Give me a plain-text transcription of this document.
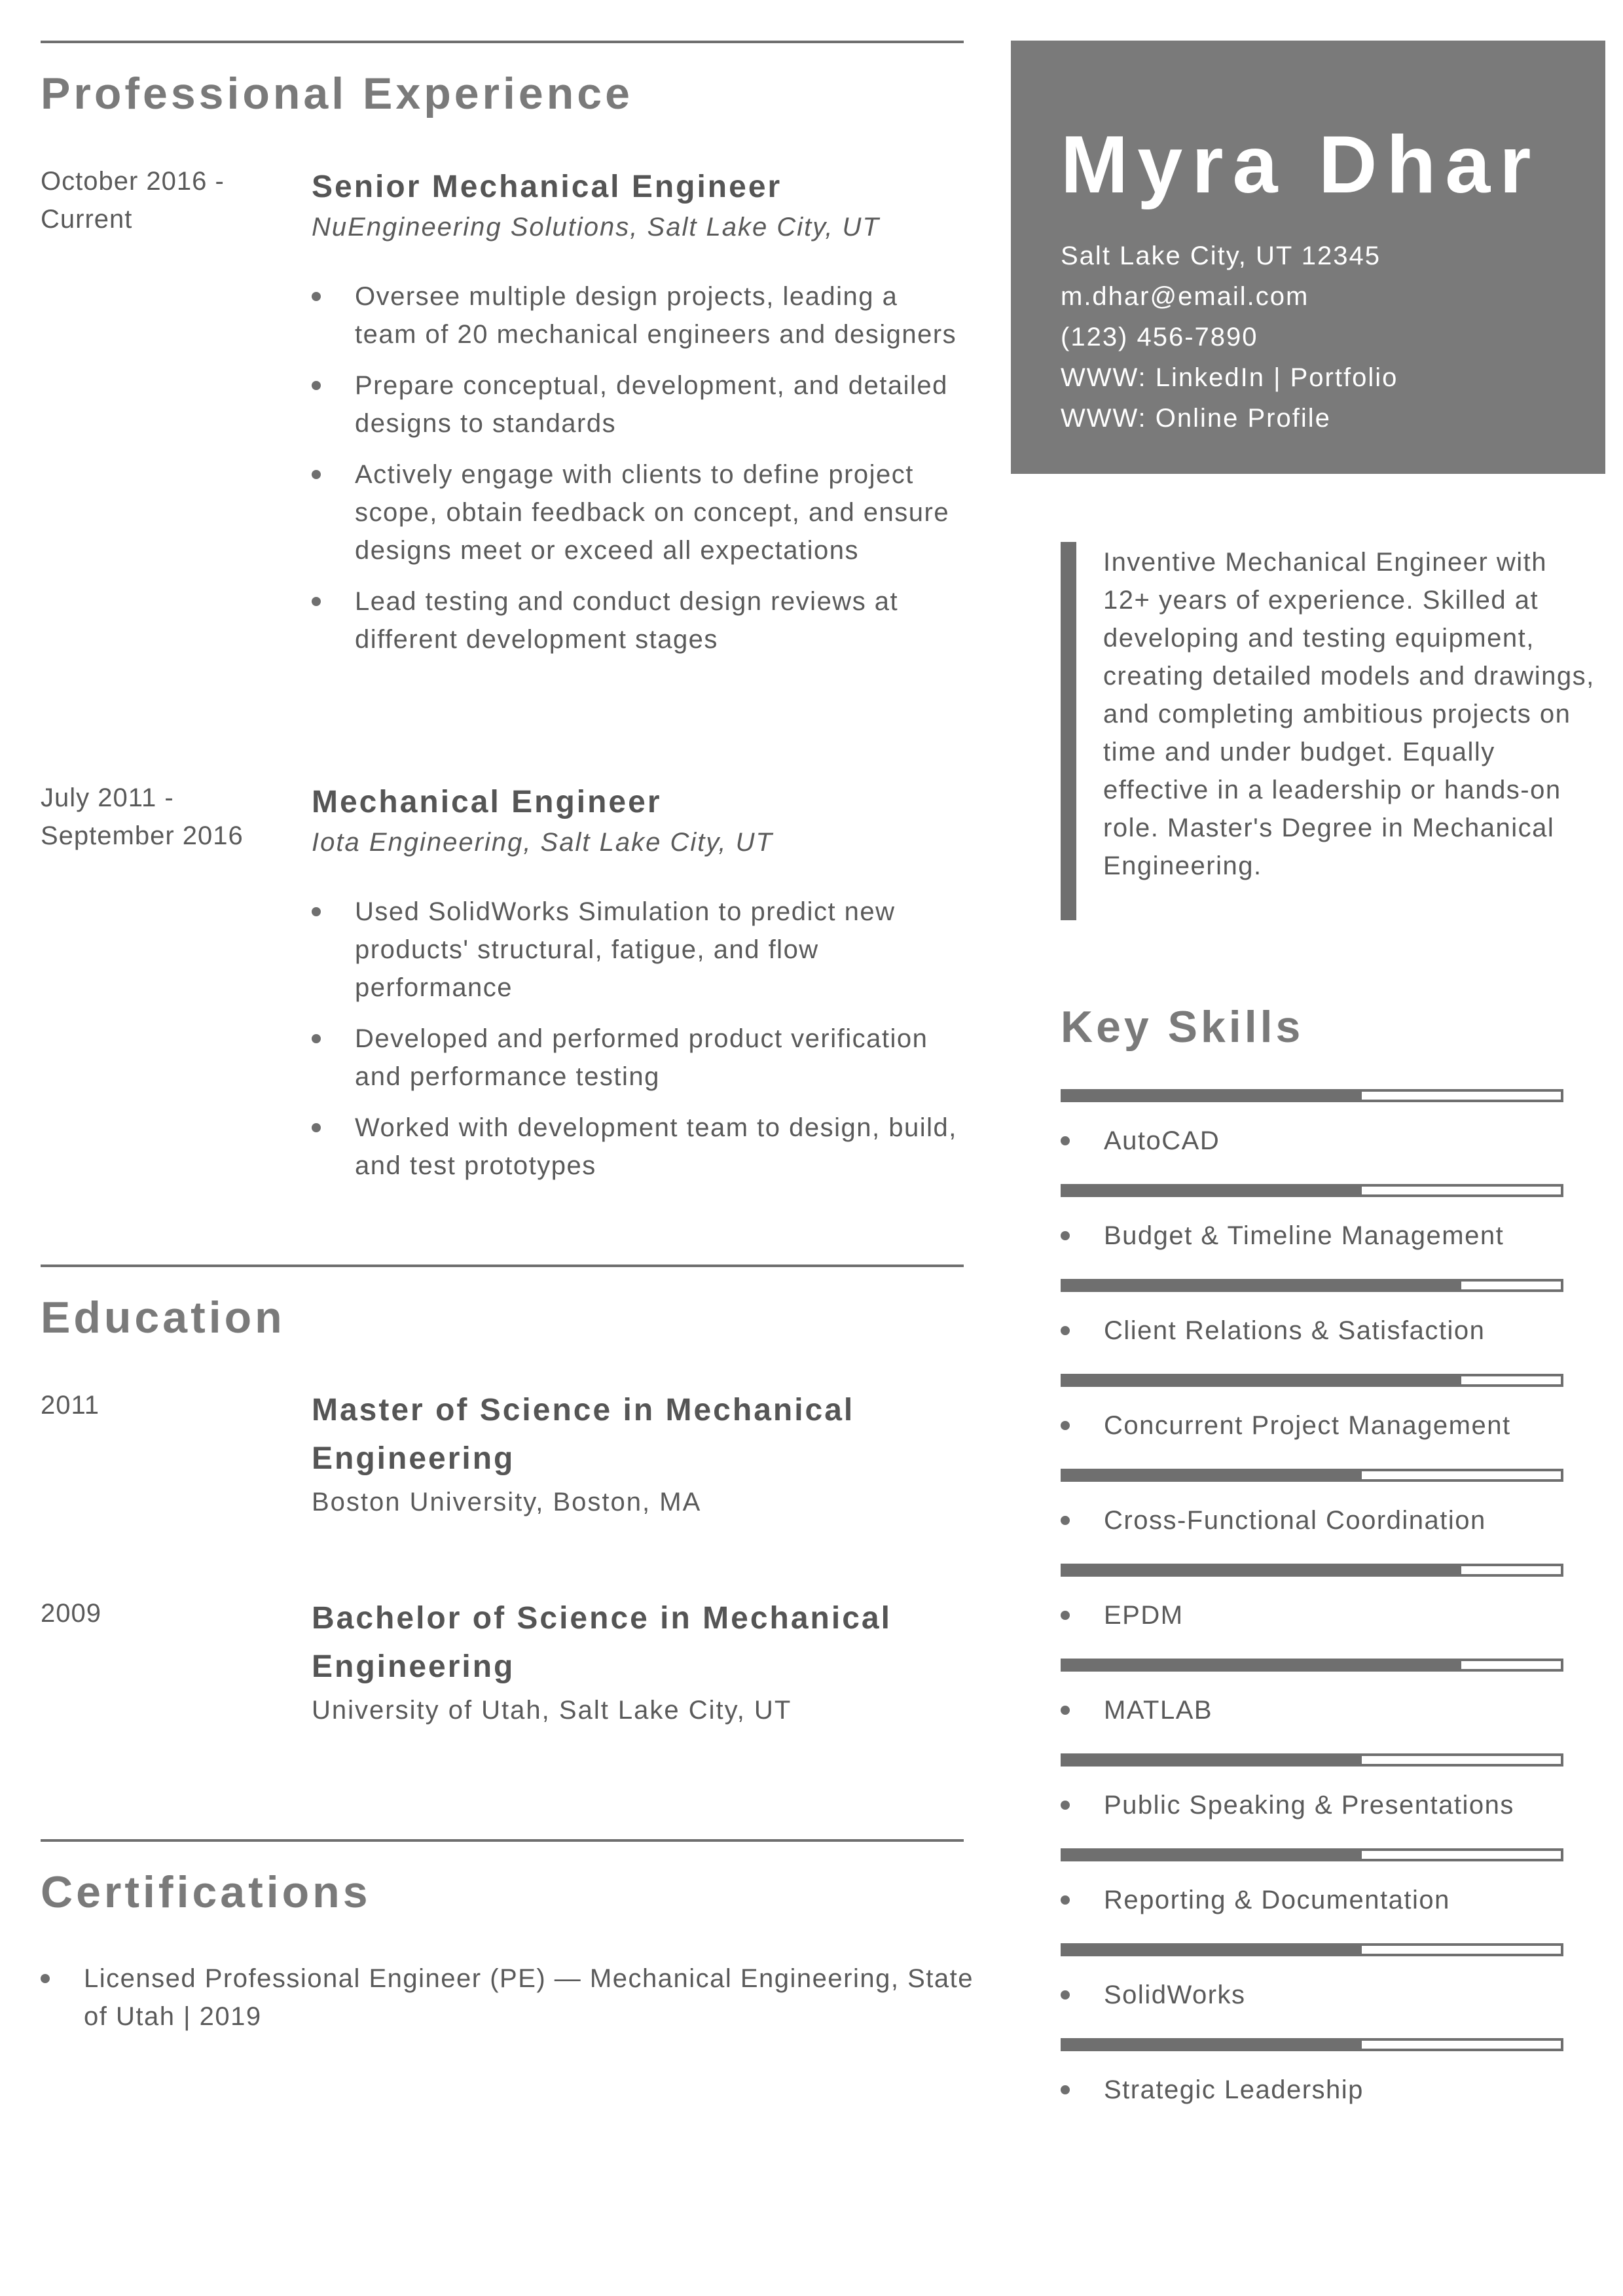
Professional Experience
October 2016 - Current
Senior Mechanical Engineer
NuEngineering Solutions, Salt Lake City, UT
Oversee multiple design projects, leading a team of 20 mechanical engineers and designers
Prepare conceptual, development, and detailed designs to standards
Actively engage with clients to define project scope, obtain feedback on concept, and ensure designs meet or exceed all expectations
Lead testing and conduct design reviews at different development stages
July 2011 - September 2016
Mechanical Engineer
Iota Engineering, Salt Lake City, UT
Used SolidWorks Simulation to predict new products' structural, fatigue, and flow performance
Developed and performed product verification and performance testing
Worked with development team to design, build, and test prototypes
Education
2011	Master of Science in Mechanical Engineering
Boston University, Boston, MA
2009	Bachelor of Science in Mechanical Engineering
University of Utah, Salt Lake City, UT
Certifications
Licensed Professional Engineer (PE) — Mechanical Engineering, State of Utah | 2019
Myra Dhar
Salt Lake City, UT 12345
m.dhar@email.com
(123) 456-7890
WWW: LinkedIn | Portfolio
WWW: Online Profile
Inventive Mechanical Engineer with 12+ years of experience. Skilled at developing and testing equipment, creating detailed models and drawings, and completing ambitious projects on time and under budget. Equally effective in a leadership or hands-on role. Master's Degree in Mechanical Engineering.
Key Skills
AutoCAD
Budget & Timeline Management
Client Relations & Satisfaction
Concurrent Project Management
Cross-Functional Coordination
EPDM
MATLAB
Public Speaking & Presentations
Reporting & Documentation
SolidWorks
Strategic Leadership
